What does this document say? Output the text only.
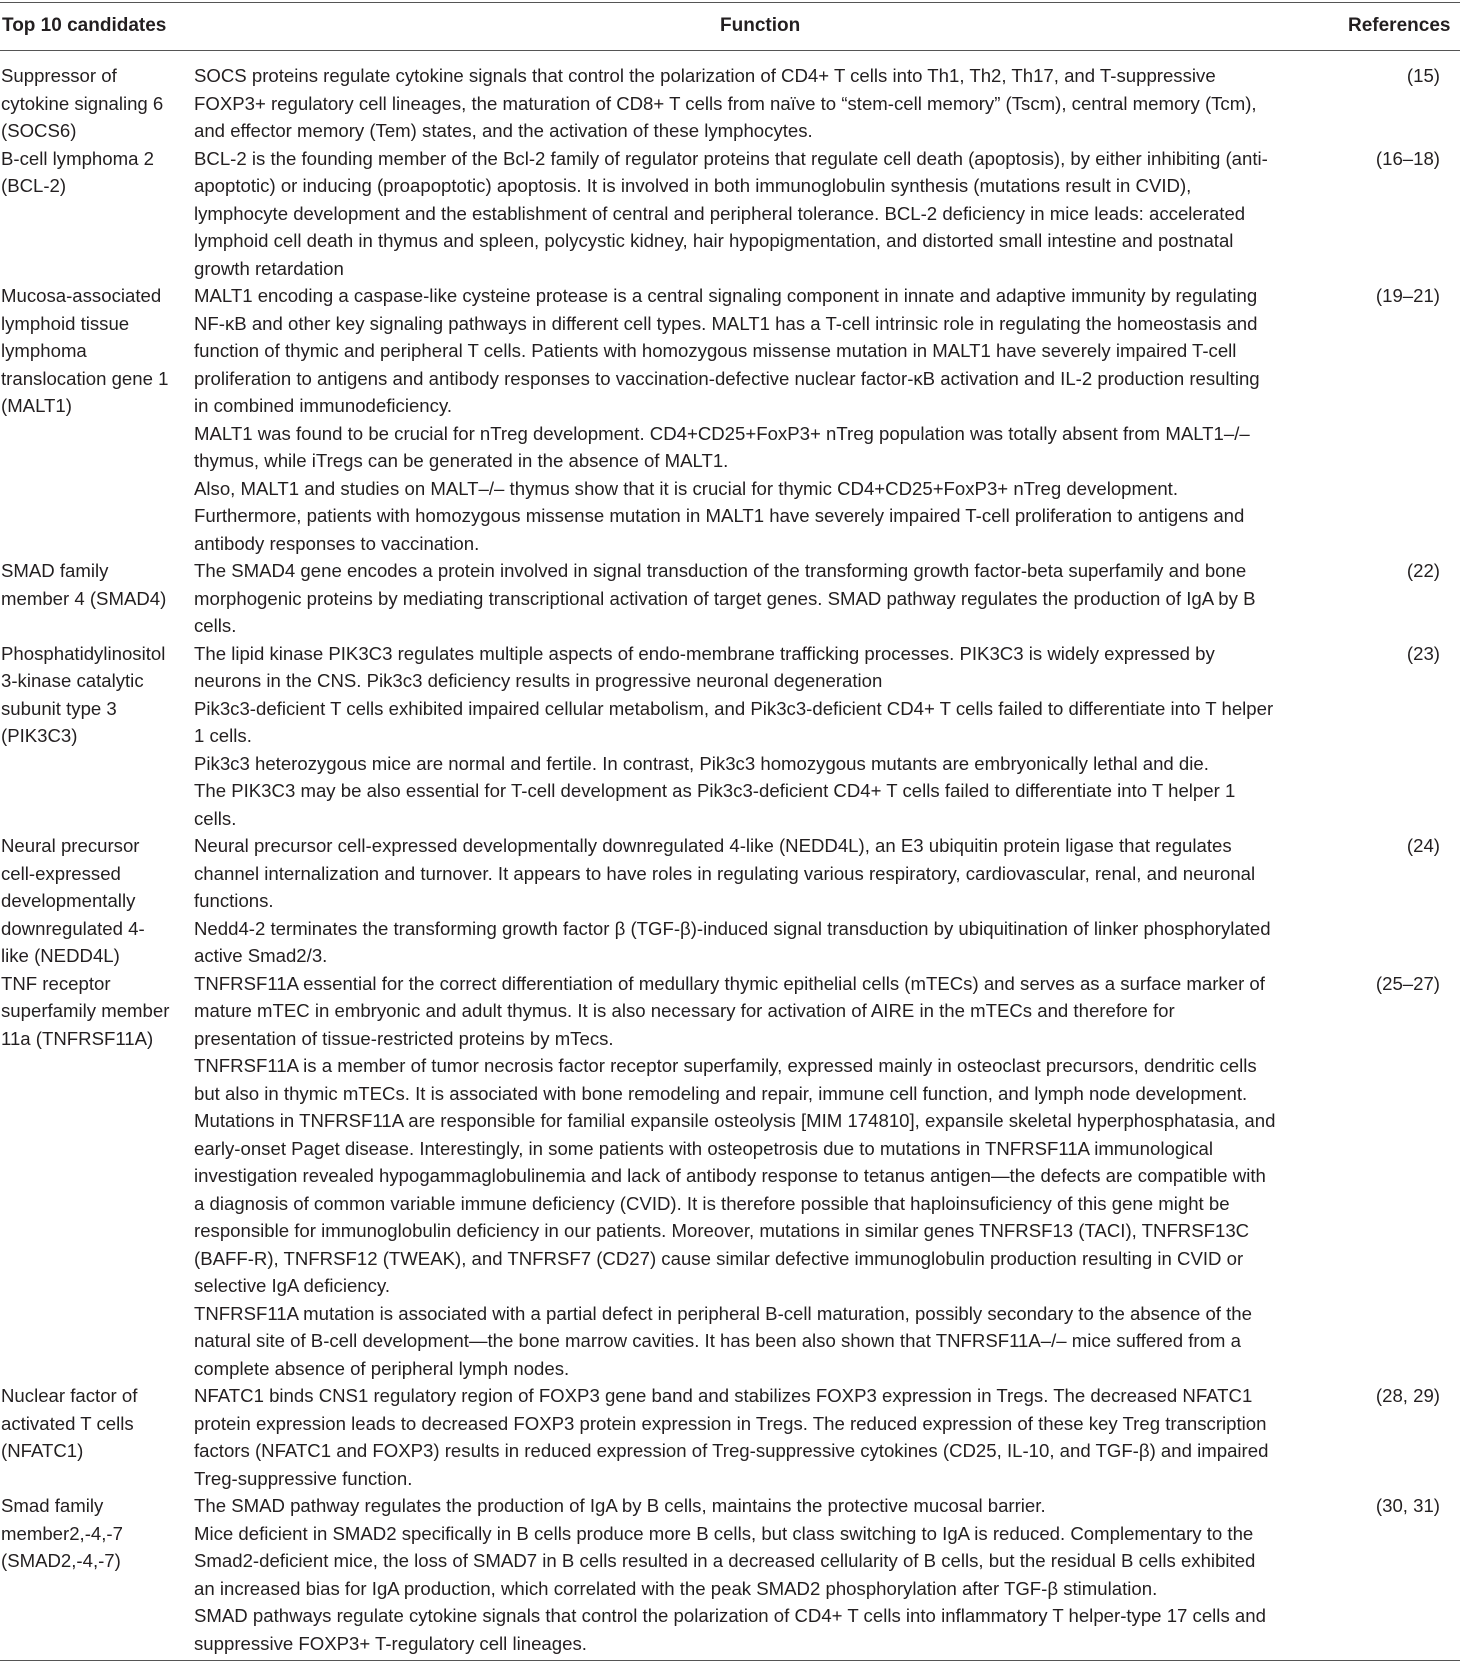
Top 10 candidates	Function	References
Suppressor of
cytokine signaling 6
(SOCS6)
SOCS proteins regulate cytokine signals that control the polarization of CD4+ T cells into Th1, Th2, Th17, and T-suppressive
FOXP3+ regulatory cell lineages, the maturation of CD8+ T cells from naïve to “stem-cell memory” (Tscm), central memory (Tcm),
and effector memory (Tem) states, and the activation of these lymphocytes.
(15)
B-cell lymphoma 2
(BCL-2)
BCL-2 is the founding member of the Bcl-2 family of regulator proteins that regulate cell death (apoptosis), by either inhibiting (anti-
apoptotic) or inducing (proapoptotic) apoptosis. It is involved in both immunoglobulin synthesis (mutations result in CVID),
lymphocyte development and the establishment of central and peripheral tolerance. BCL-2 deficiency in mice leads: accelerated
lymphoid cell death in thymus and spleen, polycystic kidney, hair hypopigmentation, and distorted small intestine and postnatal
growth retardation
(16–18)
Mucosa-associated
lymphoid tissue
lymphoma
translocation gene 1
(MALT1)
MALT1 encoding a caspase-like cysteine protease is a central signaling component in innate and adaptive immunity by regulating
NF-κB and other key signaling pathways in different cell types. MALT1 has a T-cell intrinsic role in regulating the homeostasis and
function of thymic and peripheral T cells. Patients with homozygous missense mutation in MALT1 have severely impaired T-cell
proliferation to antigens and antibody responses to vaccination-defective nuclear factor-κB activation and IL-2 production resulting
in combined immunodeficiency.
MALT1 was found to be crucial for nTreg development. CD4+CD25+FoxP3+ nTreg population was totally absent from MALT1–/–
thymus, while iTregs can be generated in the absence of MALT1.
Also, MALT1 and studies on MALT–/– thymus show that it is crucial for thymic CD4+CD25+FoxP3+ nTreg development.
Furthermore, patients with homozygous missense mutation in MALT1 have severely impaired T-cell proliferation to antigens and
antibody responses to vaccination.
(19–21)
SMAD family
member 4 (SMAD4)
The SMAD4 gene encodes a protein involved in signal transduction of the transforming growth factor-beta superfamily and bone
morphogenic proteins by mediating transcriptional activation of target genes. SMAD pathway regulates the production of IgA by B
cells.
(22)
Phosphatidylinositol
3-kinase catalytic
subunit type 3
(PIK3C3)
The lipid kinase PIK3C3 regulates multiple aspects of endo-membrane trafficking processes. PIK3C3 is widely expressed by
neurons in the CNS. Pik3c3 deficiency results in progressive neuronal degeneration
Pik3c3-deficient T cells exhibited impaired cellular metabolism, and Pik3c3-deficient CD4+ T cells failed to differentiate into T helper
1 cells.
Pik3c3 heterozygous mice are normal and fertile. In contrast, Pik3c3 homozygous mutants are embryonically lethal and die.
The PIK3C3 may be also essential for T-cell development as Pik3c3-deficient CD4+ T cells failed to differentiate into T helper 1
cells.
(23)
Neural precursor
cell-expressed
developmentally
downregulated 4-
like (NEDD4L)
Neural precursor cell-expressed developmentally downregulated 4-like (NEDD4L), an E3 ubiquitin protein ligase that regulates
channel internalization and turnover. It appears to have roles in regulating various respiratory, cardiovascular, renal, and neuronal
functions.
Nedd4-2 terminates the transforming growth factor β (TGF-β)-induced signal transduction by ubiquitination of linker phosphorylated
active Smad2/3.
(24)
TNF receptor
superfamily member
11a (TNFRSF11A)
TNFRSF11A essential for the correct differentiation of medullary thymic epithelial cells (mTECs) and serves as a surface marker of
mature mTEC in embryonic and adult thymus. It is also necessary for activation of AIRE in the mTECs and therefore for
presentation of tissue-restricted proteins by mTecs.
TNFRSF11A is a member of tumor necrosis factor receptor superfamily, expressed mainly in osteoclast precursors, dendritic cells
but also in thymic mTECs. It is associated with bone remodeling and repair, immune cell function, and lymph node development.
Mutations in TNFRSF11A are responsible for familial expansile osteolysis [MIM 174810], expansile skeletal hyperphosphatasia, and
early-onset Paget disease. Interestingly, in some patients with osteopetrosis due to mutations in TNFRSF11A immunological
investigation revealed hypogammaglobulinemia and lack of antibody response to tetanus antigen—the defects are compatible with
a diagnosis of common variable immune deficiency (CVID). It is therefore possible that haploinsuficiency of this gene might be
responsible for immunoglobulin deficiency in our patients. Moreover, mutations in similar genes TNFRSF13 (TACI), TNFRSF13C
(BAFF-R), TNFRSF12 (TWEAK), and TNFRSF7 (CD27) cause similar defective immunoglobulin production resulting in CVID or
selective IgA deficiency.
TNFRSF11A mutation is associated with a partial defect in peripheral B-cell maturation, possibly secondary to the absence of the
natural site of B-cell development—the bone marrow cavities. It has been also shown that TNFRSF11A–/– mice suffered from a
complete absence of peripheral lymph nodes.
(25–27)
Nuclear factor of
activated T cells
(NFATC1)
NFATC1 binds CNS1 regulatory region of FOXP3 gene band and stabilizes FOXP3 expression in Tregs. The decreased NFATC1
protein expression leads to decreased FOXP3 protein expression in Tregs. The reduced expression of these key Treg transcription
factors (NFATC1 and FOXP3) results in reduced expression of Treg-suppressive cytokines (CD25, IL-10, and TGF-β) and impaired
Treg-suppressive function.
(28, 29)
Smad family
member2,-4,-7
(SMAD2,-4,-7)
The SMAD pathway regulates the production of IgA by B cells, maintains the protective mucosal barrier.
Mice deficient in SMAD2 specifically in B cells produce more B cells, but class switching to IgA is reduced. Complementary to the
Smad2-deficient mice, the loss of SMAD7 in B cells resulted in a decreased cellularity of B cells, but the residual B cells exhibited
an increased bias for IgA production, which correlated with the peak SMAD2 phosphorylation after TGF-β stimulation.
SMAD pathways regulate cytokine signals that control the polarization of CD4+ T cells into inflammatory T helper-type 17 cells and
suppressive FOXP3+ T-regulatory cell lineages.
(30, 31)
